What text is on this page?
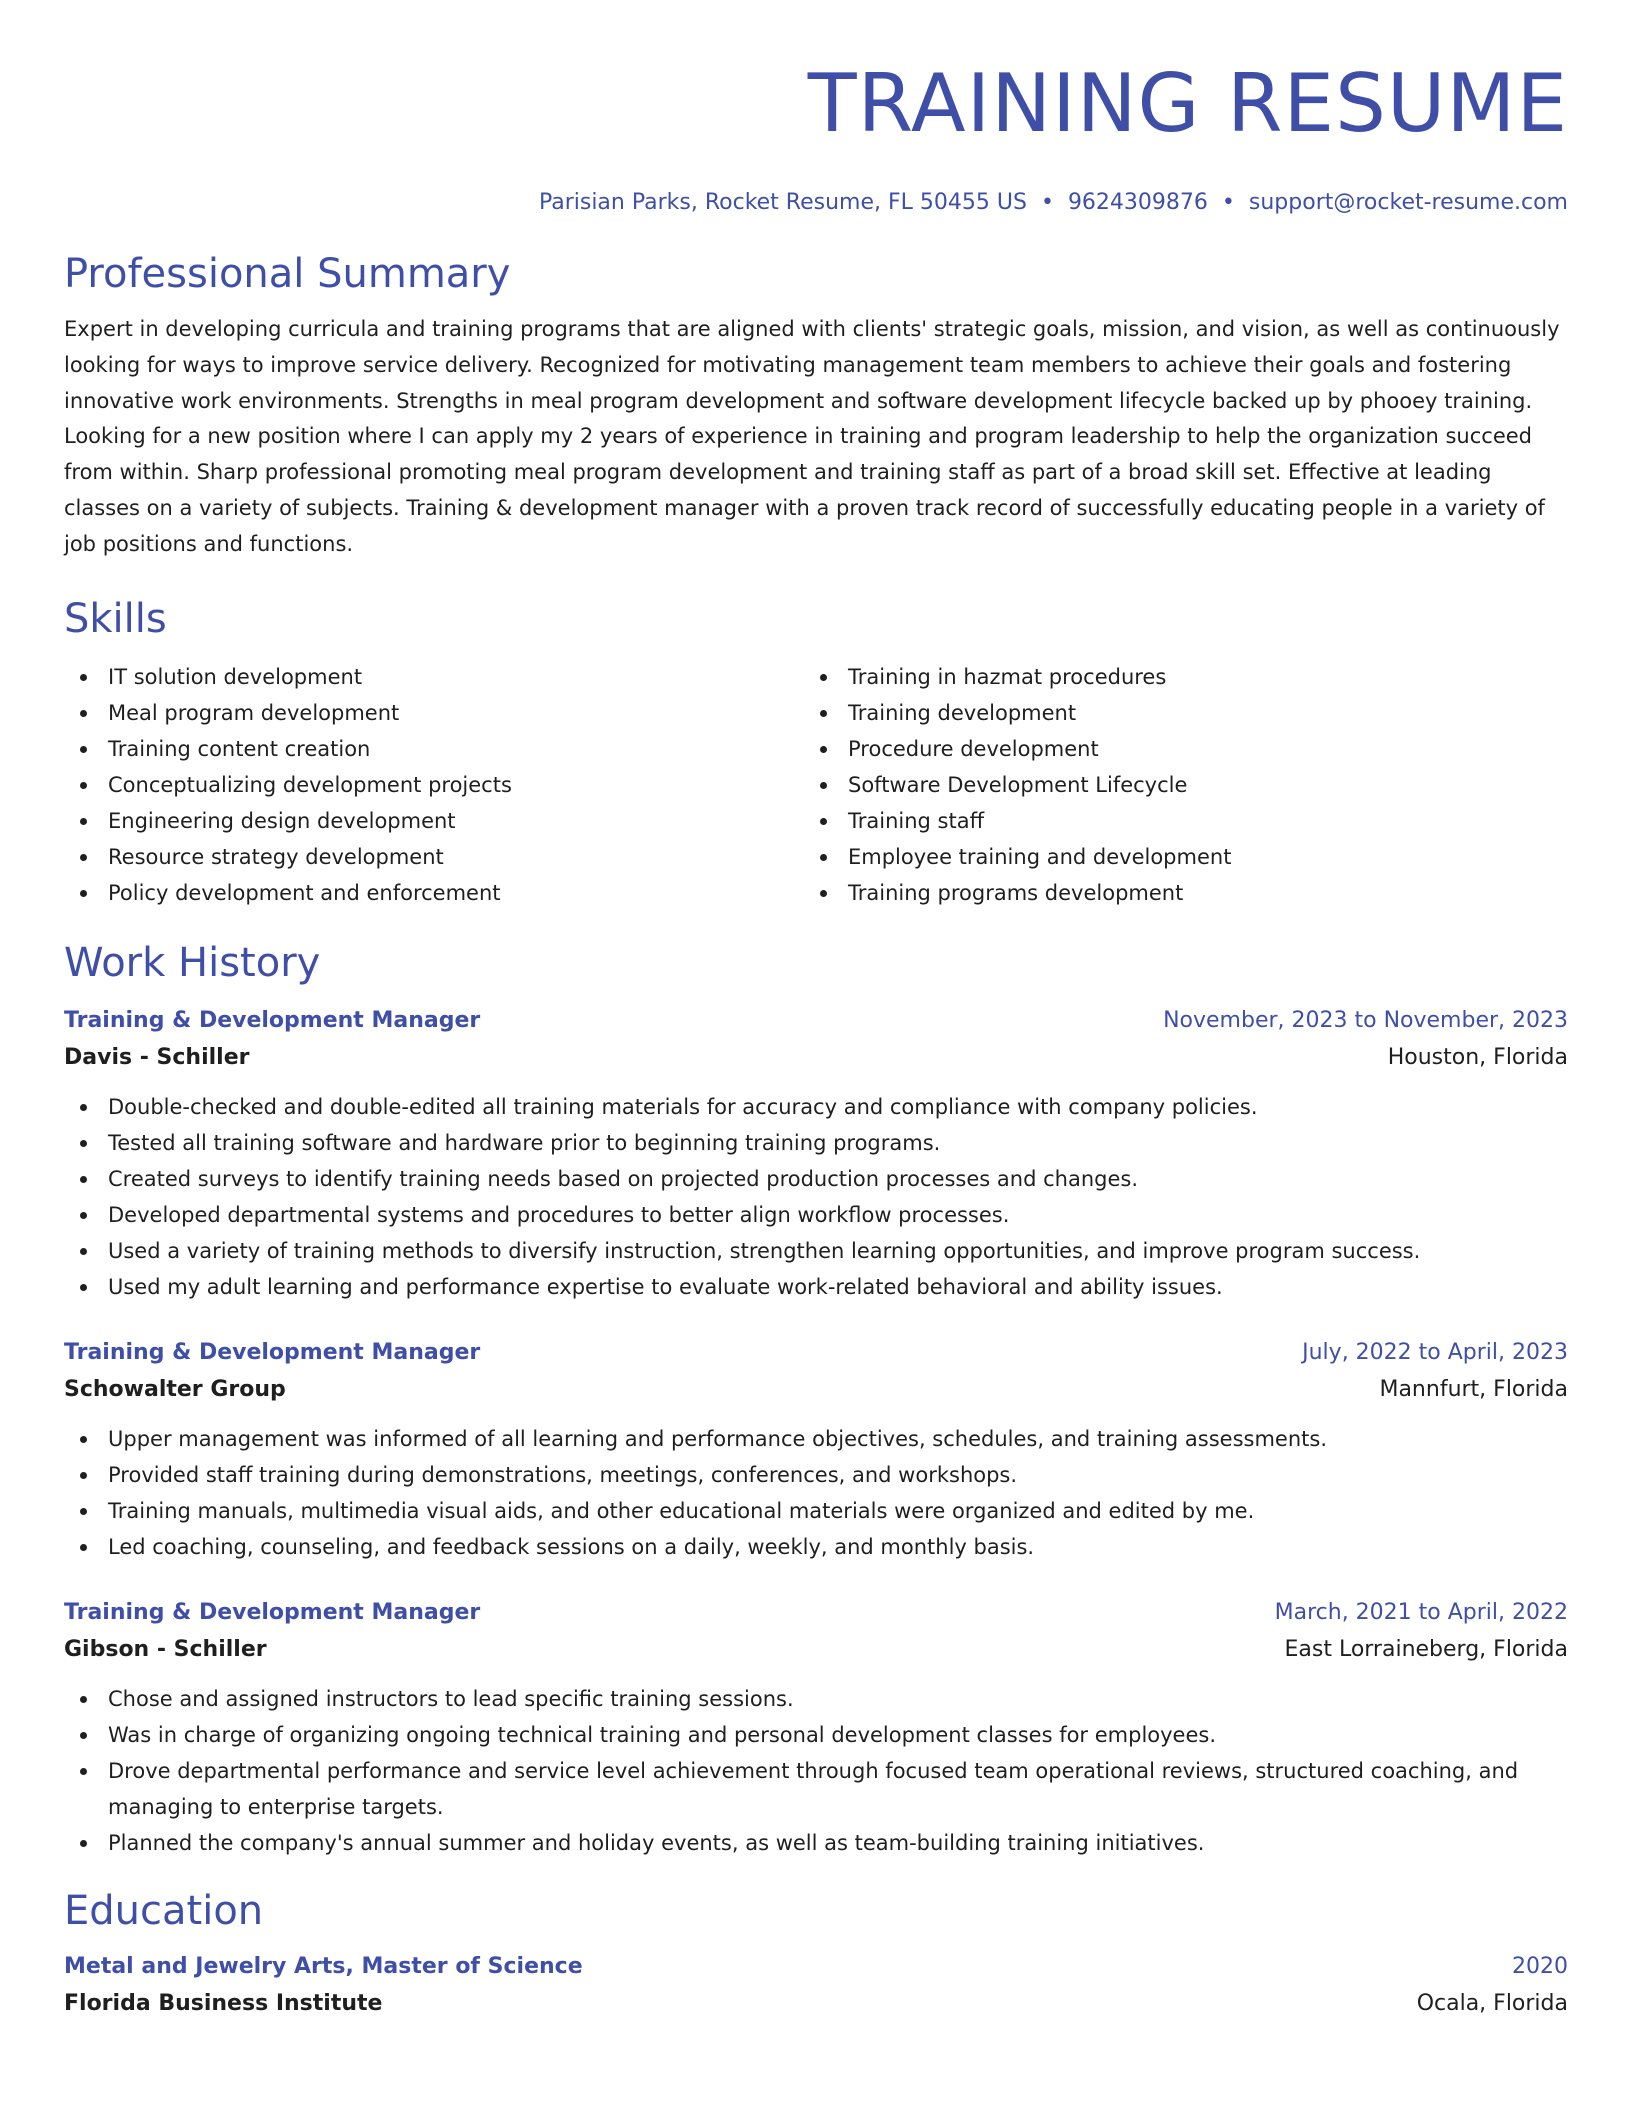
TRAINING RESUME
Parisian Parks, Rocket Resume, FL 50455 US • 9624309876 • support@rocket-resume.com
Professional Summary
Expert in developing curricula and training programs that are aligned with clients' strategic goals, mission, and vision, as well as continuously looking for ways to improve service delivery. Recognized for motivating management team members to achieve their goals and fostering innovative work environments. Strengths in meal program development and software development lifecycle backed up by phooey training. Looking for a new position where I can apply my 2 years of experience in training and program leadership to help the organization succeed from within. Sharp professional promoting meal program development and training staff as part of a broad skill set. Effective at leading classes on a variety of subjects. Training & development manager with a proven track record of successfully educating people in a variety of job positions and functions.
Skills
IT solution development
Meal program development
Training content creation
Conceptualizing development projects
Engineering design development
Resource strategy development
Policy development and enforcement
Training in hazmat procedures
Training development
Procedure development
Software Development Lifecycle
Training staff
Employee training and development
Training programs development
Work History
Training & Development Manager	November, 2023 to November, 2023
Davis - Schiller	Houston, Florida
Double-checked and double-edited all training materials for accuracy and compliance with company policies.
Tested all training software and hardware prior to beginning training programs.
Created surveys to identify training needs based on projected production processes and changes.
Developed departmental systems and procedures to better align workflow processes.
Used a variety of training methods to diversify instruction, strengthen learning opportunities, and improve program success.
Used my adult learning and performance expertise to evaluate work-related behavioral and ability issues.
Training & Development Manager	July, 2022 to April, 2023
Schowalter Group	Mannfurt, Florida
Upper management was informed of all learning and performance objectives, schedules, and training assessments.
Provided staff training during demonstrations, meetings, conferences, and workshops.
Training manuals, multimedia visual aids, and other educational materials were organized and edited by me.
Led coaching, counseling, and feedback sessions on a daily, weekly, and monthly basis.
Training & Development Manager	March, 2021 to April, 2022
Gibson - Schiller	East Lorraineberg, Florida
Chose and assigned instructors to lead specific training sessions.
Was in charge of organizing ongoing technical training and personal development classes for employees.
Drove departmental performance and service level achievement through focused team operational reviews, structured coaching, and managing to enterprise targets.
Planned the company's annual summer and holiday events, as well as team-building training initiatives.
Education
Metal and Jewelry Arts, Master of Science	2020
Florida Business Institute	Ocala, Florida
